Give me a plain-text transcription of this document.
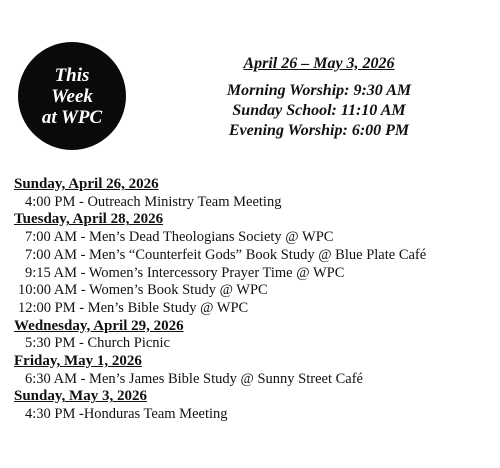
This
Week
at WPC
April 26 – May 3, 2026
Morning Worship: 9:30 AM
Sunday School: 11:10 AM
Evening Worship: 6:00 PM
Sunday, April 26, 2026
4:00 PM - Outreach Ministry Team Meeting
Tuesday, April 28, 2026
7:00 AM - Men’s Dead Theologians Society @ WPC
7:00 AM - Men’s “Counterfeit Gods” Book Study @ Blue Plate Café
9:15 AM - Women’s Intercessory Prayer Time @ WPC
10:00 AM - Women’s Book Study @ WPC
12:00 PM - Men’s Bible Study @ WPC
Wednesday, April 29, 2026
5:30 PM - Church Picnic
Friday, May 1, 2026
6:30 AM - Men’s James Bible Study @ Sunny Street Café
Sunday, May 3, 2026
4:30 PM -Honduras Team Meeting
